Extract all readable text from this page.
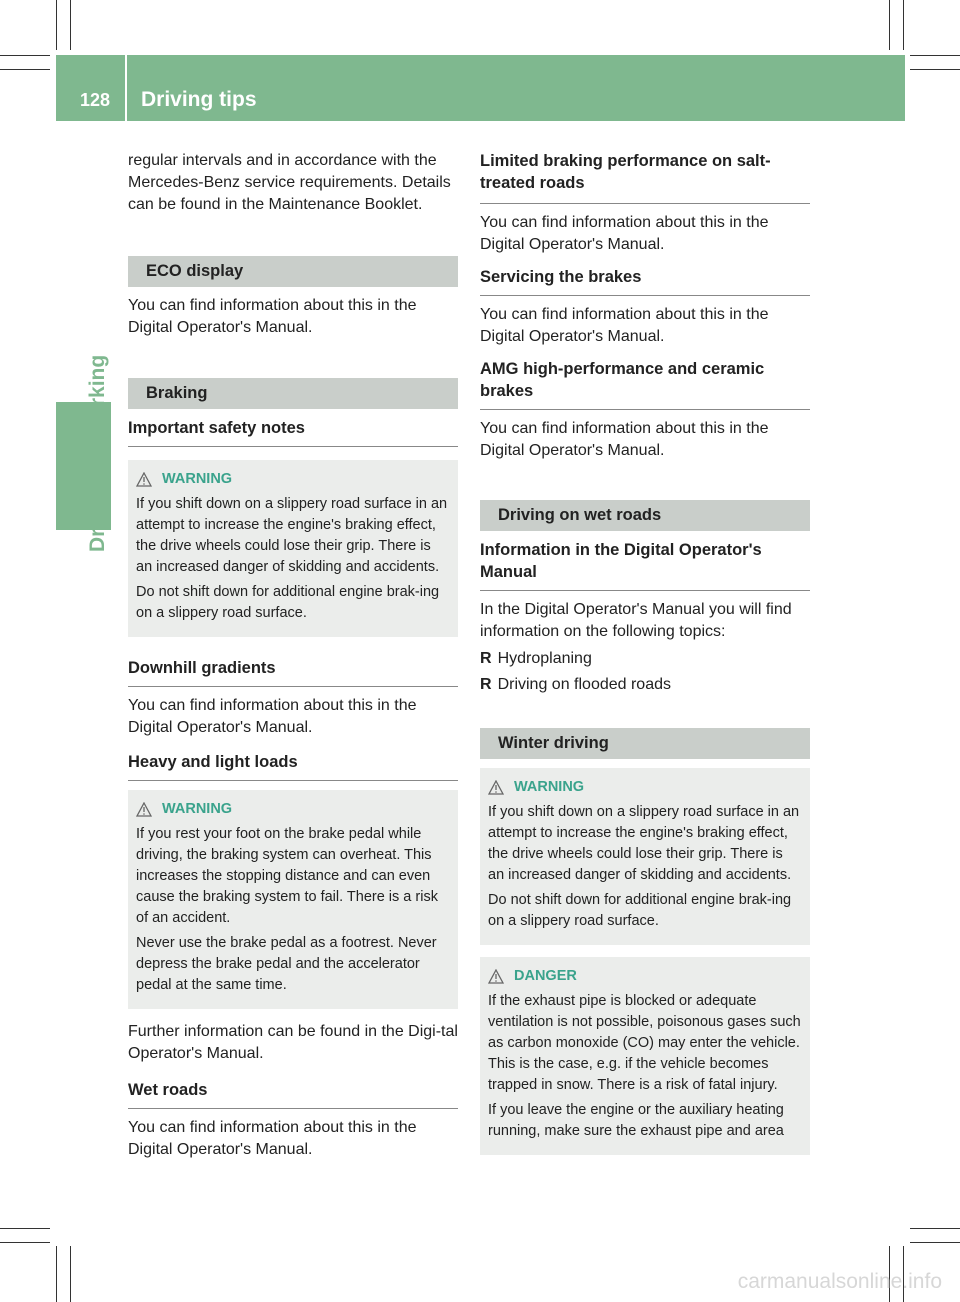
128 Driving tips

regular intervals and in accordance with the Mercedes-Benz service requirements. Details can be found in the Maintenance Booklet.

ECO display

You can find information about this in the Digital Operator's Manual.

Braking
Important safety notes
WARNING

If you shift down on a slippery road surface in an attempt to increase the engine's braking effect, the drive wheels could lose their grip. There is an increased danger of skidding and accidents.

Do not shift down for additional engine brak-ing on a slippery road surface.

Downhill gradients

You can find information about this in the Digital Operator's Manual.

Heavy and light loads
WARNING

If you rest your foot on the brake pedal while driving, the braking system can overheat. This increases the stopping distance and can even cause the braking system to fail. There is a risk of an accident.

Never use the brake pedal as a footrest. Never depress the brake pedal and the accelerator pedal at the same time.

Further information can be found in the Digi-tal Operator's Manual.

Wet roads

You can find information about this in the Digital Operator's Manual.

Limited braking performance on salt-treated roads

You can find information about this in the Digital Operator's Manual.

Servicing the brakes

You can find information about this in the Digital Operator's Manual.

AMG high-performance and ceramic brakes

You can find information about this in the Digital Operator's Manual.

Driving on wet roads
Information in the Digital Operator's Manual

In the Digital Operator's Manual you will find information on the following topics:

R Hydroplaning
R Driving on flooded roads
Winter driving
WARNING

If you shift down on a slippery road surface in an attempt to increase the engine's braking effect, the drive wheels could lose their grip. There is an increased danger of skidding and accidents.

Do not shift down for additional engine brak-ing on a slippery road surface.

DANGER

If the exhaust pipe is blocked or adequate ventilation is not possible, poisonous gases such as carbon monoxide (CO) may enter the vehicle. This is the case, e.g. if the vehicle becomes trapped in snow. There is a risk of fatal injury.

If you leave the engine or the auxiliary heating running, make sure the exhaust pipe and area

carmanualsonline.info
